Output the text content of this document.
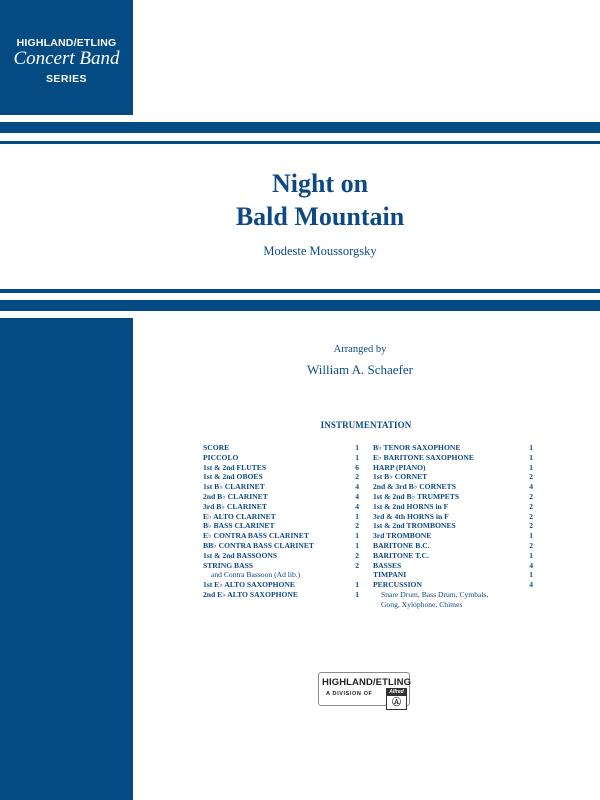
HIGHLAND/ETLING
Concert Band
SERIES
Night on
Bald Mountain
Modeste Moussorgsky
Arranged by
William A. Schaefer
INSTRUMENTATION
SCORE	1
PICCOLO	1
1st & 2nd FLUTES	6
1st & 2nd OBOES	2
1st B♭ CLARINET	4
2nd B♭ CLARINET	4
3rd B♭ CLARINET	4
E♭ ALTO CLARINET	1
B♭ BASS CLARINET	2
E♭ CONTRA BASS CLARINET	1
BB♭ CONTRA BASS CLARINET	1
1st & 2nd BASSOONS	2
STRING BASS	2
and Contra Bassoon (Ad lib.)
1st E♭ ALTO SAXOPHONE	1
2nd E♭ ALTO SAXOPHONE	1
B♭ TENOR SAXOPHONE	1
E♭ BARITONE SAXOPHONE	1
HARP (PIANO)	1
1st B♭ CORNET	2
2nd & 3rd B♭ CORNETS	4
1st & 2nd B♭ TRUMPETS	2
1st & 2nd HORNS in F	2
3rd & 4th HORNS in F	2
1st & 2nd TROMBONES	2
3rd TROMBONE	1
BARITONE B.C.	2
BARITONE T.C.	1
BASSES	4
TIMPANI	1
PERCUSSION	4
Snare Drum, Bass Drum, Cymbals,
Gong, Xylophone, Chimes
HIGHLAND/ETLING
A DIVISION OF	Alfred
Ⓐ
